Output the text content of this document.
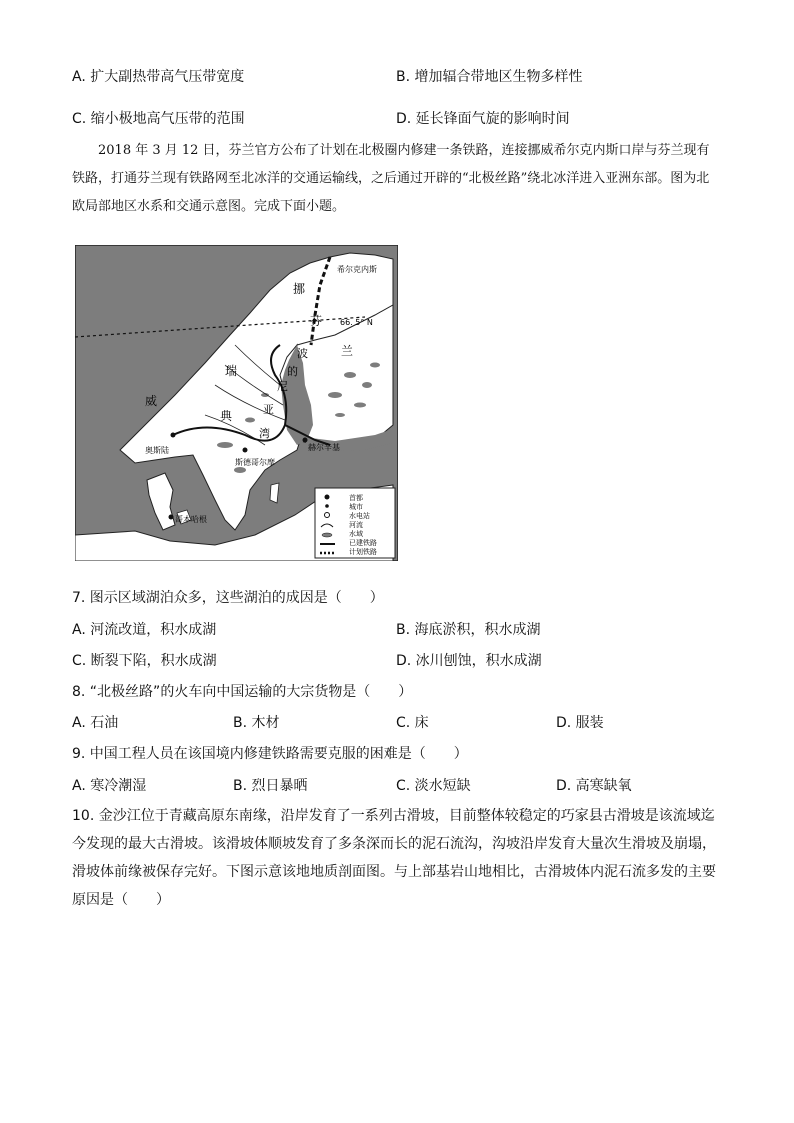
A. 扩大副热带高气压带宽度	B. 增加辐合带地区生物多样性
C. 缩小极地高气压带的范围	D. 延长锋面气旋的影响时间
2018 年 3 月 12 日，芬兰官方公布了计划在北极圈内修建一条铁路，连接挪威希尔克内斯口岸与芬兰现有铁路，打通芬兰现有铁路网至北冰洋的交通运输线，之后通过开辟的“北极丝路”绕北冰洋进入亚洲东部。图为北欧局部地区水系和交通示意图。完成下面小题。
挪
芬
兰
威
瑞
典
波
的
尼
亚
湾
希尔克内斯
奥斯陆
斯德哥尔摩
赫尔辛基
哥本哈根
66. 5° N
首都
城市
水电站
河流
水域
已建铁路
计划铁路
7. 图示区域湖泊众多，这些湖泊的成因是（　　）
A. 河流改道，积水成湖	B. 海底淤积，积水成湖
C. 断裂下陷，积水成湖	D. 冰川刨蚀，积水成湖
8. “北极丝路”的火车向中国运输的大宗货物是（　　）
A. 石油	B. 木材	C. 床	D. 服装
9. 中国工程人员在该国境内修建铁路需要克服的困难是（　　）
A. 寒冷潮湿	B. 烈日暴晒	C. 淡水短缺	D. 高寒缺氧
10. 金沙江位于青藏高原东南缘，沿岸发育了一系列古滑坡，目前整体较稳定的巧家县古滑坡是该流域迄今发现的最大古滑坡。该滑坡体顺坡发育了多条深而长的泥石流沟，沟坡沿岸发育大量次生滑坡及崩塌，滑坡体前缘被保存完好。下图示意该地地质剖面图。与上部基岩山地相比，古滑坡体内泥石流多发的主要原因是（　　）
